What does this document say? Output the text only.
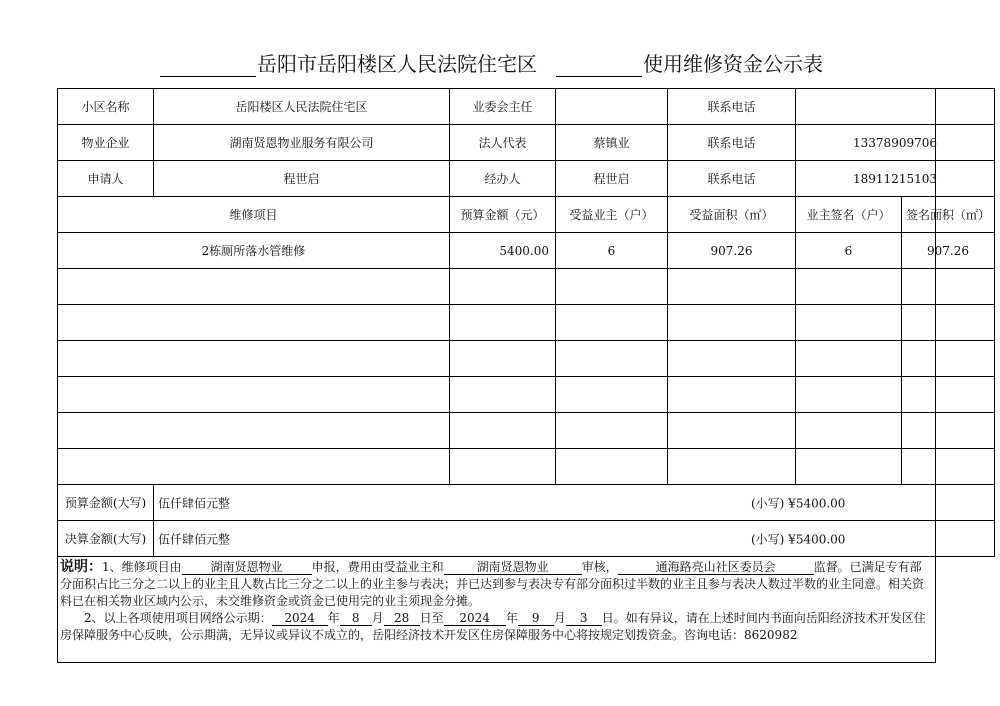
岳阳市岳阳楼区人民法院住宅区	使用维修资金公示表
小区名称	岳阳楼区人民法院住宅区	业委会主任		联系电话		
物业企业	湖南贤恩物业服务有限公司	法人代表	蔡镇业	联系电话	13378909706	
申请人	程世启	经办人	程世启	联系电话	18911215103	
维修项目		预算金额（元）	受益业主（户）	受益面积（㎡）	业主签名（户）	签名面积（㎡）
2栋厕所落水管维修		5400.00	6	907.26	6	907.26

预算金额(大写)	伍仟肆佰元整 (小写) ¥5400.00					

决算金额(大写)	伍仟肆佰元整 (小写) ¥5400.00					
说明：1、维修项目由 湖南贤恩物业 申报，费用由受益业主和	湖南贤恩物业	审核，	通海路亮山社区委员会	监督。已满足专有部分面积占比三分之二以上的业主且人数占比三分之二以上的业主参与表决；并已达到参与表决专有部分面积过半数的业主且参与表决人数过半数的业主同意。相关资料已在相关物业区域内公示，未交维修资金或资金已使用完的业主须现金分摊。
2、以上各项使用项目网络公示期： 2024 年 8 月 28 日至 2024 年 9 月 3 日。如有异议，请在上述时间内书面向岳阳经济技术开发区住房保障服务中心反映，公示期满，无异议或异议不成立的，岳阳经济技术开发区住房保障服务中心将按规定划拨资金。咨询电话：8620982
